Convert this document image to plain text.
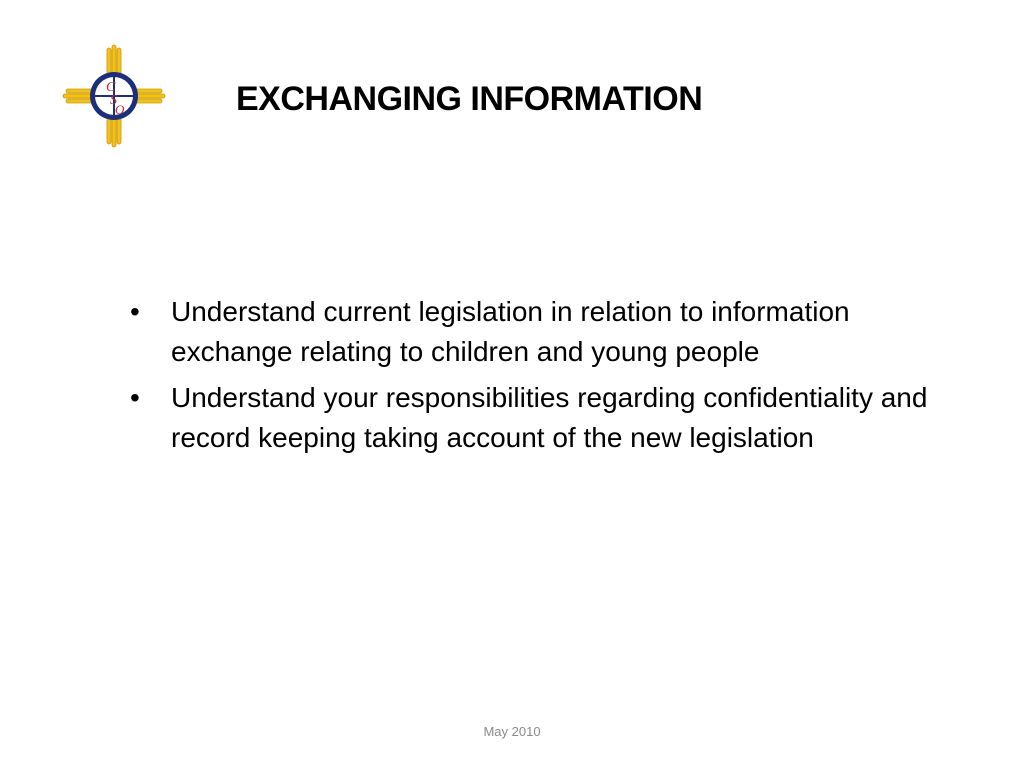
C
S
O	EXCHANGING INFORMATION
•	Understand current legislation in relation to information exchange relating to children and young people
•	Understand your responsibilities regarding confidentiality and record keeping taking account of the new legislation
May 2010
